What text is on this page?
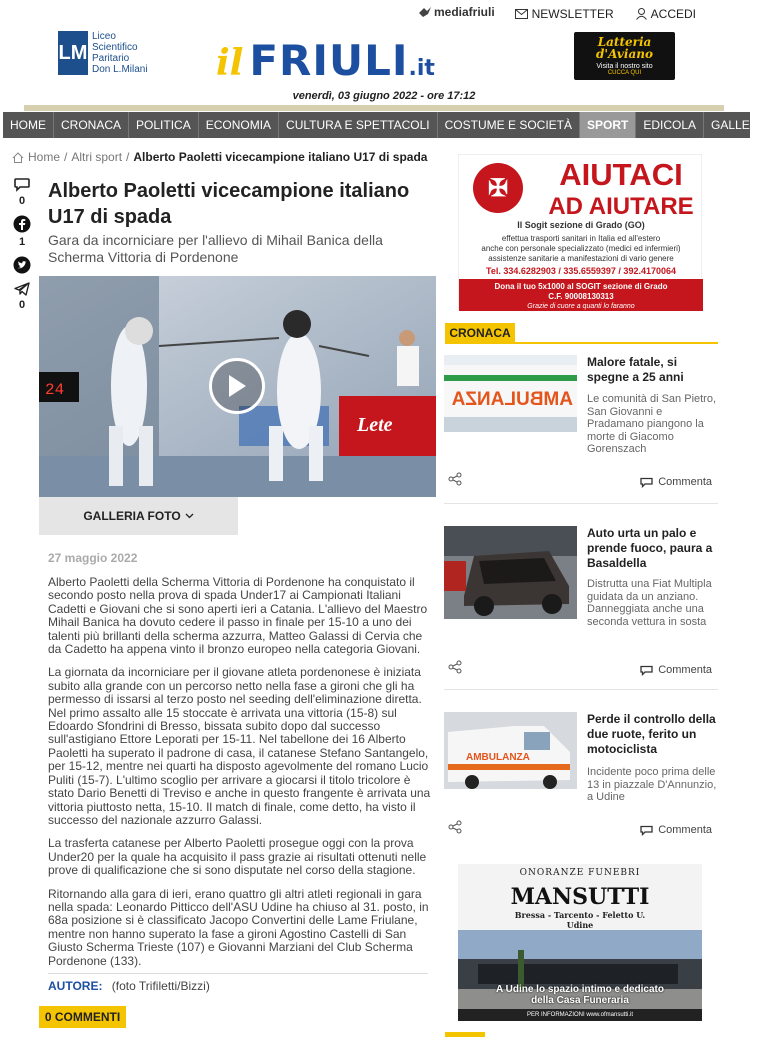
LM
Liceo
Scientifico
Paritario
Don L.Milani
mediafriuli	NEWSLETTER	ACCEDI
il FRIULI .it
Latteria d'Aviano
Visita il nostro sito
CUCCA QUI
venerdì, 03 giugno 2022 - ore 17:12
HOME	CRONACA	POLITICA	ECONOMIA	CULTURA E SPETTACOLI	COSTUME E SOCIETÀ	SPORT	EDICOLA	GALLERY
Home / Altri sport / Alberto Paoletti vicecampione italiano U17 di spada
0
1
0
Alberto Paoletti vicecampione italiano U17 di spada
Gara da incorniciare per l'allievo di Mihail Banica della Scherma Vittoria di Pordenone
24
Lete
GALLERIA FOTO
27 maggio 2022

Alberto Paoletti della Scherma Vittoria di Pordenone ha conquistato il secondo posto nella prova di spada Under17 ai Campionati Italiani Cadetti e Giovani che si sono aperti ieri a Catania. L'allievo del Maestro Mihail Banica ha dovuto cedere il passo in finale per 15-10 a uno dei talenti più brillanti della scherma azzurra, Matteo Galassi di Cervia che da Cadetto ha appena vinto il bronzo europeo nella categoria Giovani.

La giornata da incorniciare per il giovane atleta pordenonese è iniziata subito alla grande con un percorso netto nella fase a gironi che gli ha permesso di issarsi al terzo posto nel seeding dell'eliminazione diretta. Nel primo assalto alle 15 stoccate è arrivata una vittoria (15-8) sul Edoardo Sfondrini di Bresso, bissata subito dopo dal successo sull'astigiano Ettore Leporati per 15-11. Nel tabellone dei 16 Alberto Paoletti ha superato il padrone di casa, il catanese Stefano Santangelo, per 15-12, mentre nei quarti ha disposto agevolmente del romano Lucio Puliti (15-7). L'ultimo scoglio per arrivare a giocarsi il titolo tricolore è stato Dario Benetti di Treviso e anche in questo frangente è arrivata una vittoria piuttosto netta, 15-10. Il match di finale, come detto, ha visto il successo del nazionale azzurro Galassi.

La trasferta catanese per Alberto Paoletti prosegue oggi con la prova Under20 per la quale ha acquisito il pass grazie ai risultati ottenuti nelle prove di qualificazione che si sono disputate nel corso della stagione.

Ritornando alla gara di ieri, erano quattro gli altri atleti regionali in gara nella spada: Leonardo Pitticco dell'ASU Udine ha chiuso al 31. posto, in 68a posizione si è classificato Jacopo Convertini delle Lame Friulane, mentre non hanno superato la fase a gironi Agostino Castelli di San Giusto Scherma Trieste (107) e Giovanni Marziani del Club Scherma Pordenone (133).

AUTORE: (foto Trifiletti/Bizzi)
0 COMMENTI
✠	AIUTACI
AD AIUTARE
Il Sogit sezione di Grado (GO)
effettua trasporti sanitari in Italia ed all'estero
anche con personale specializzato (medici ed infermieri)
assistenze sanitarie a manifestazioni di vario genere
Tel. 334.6282903 / 335.6559397 / 392.4170064
Dona il tuo 5x1000 al SOGIT sezione di Grado
C.F. 90008130313
Grazie di cuore a quanti lo faranno
CRONACA
AMBULANZA
Malore fatale, si spegne a 25 anni
Le comunità di San Pietro, San Giovanni e Pradamano piangono la morte di Giacomo Gorenszach
Commenta
Auto urta un palo e prende fuoco, paura a Basaldella
Distrutta una Fiat Multipla guidata da un anziano. Danneggiata anche una seconda vettura in sosta
Commenta
AMBULANZA
Perde il controllo della due ruote, ferito un motociclista
Incidente poco prima delle 13 in piazzale D'Annunzio, a Udine
Commenta
ONORANZE FUNEBRI
MANSUTTI
Bressa - Tarcento - Feletto U.
Udine
A Udine lo spazio intimo e dedicato
della Casa Funeraria
PER INFORMAZIONI www.ofmansutti.it
